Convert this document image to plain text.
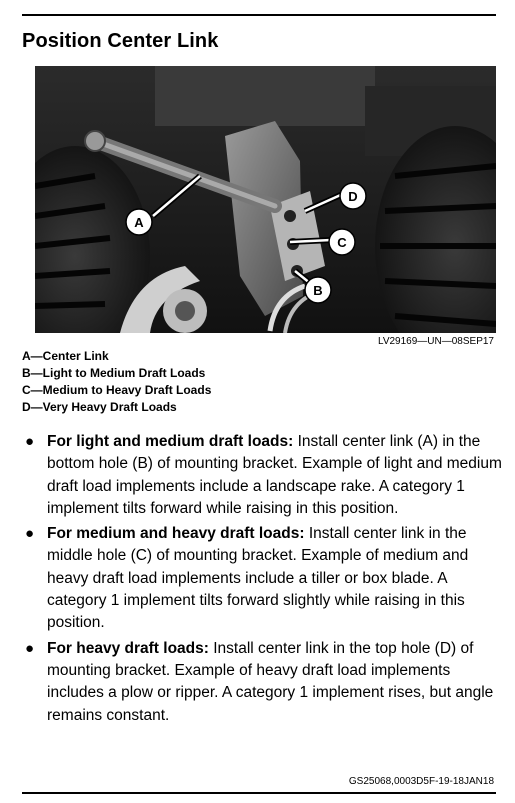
Position Center Link
A
D
C
B
LV29169—UN—08SEP17
A—Center Link
B—Light to Medium Draft Loads
C—Medium to Heavy Draft Loads
D—Very Heavy Draft Loads
● For light and medium draft loads: Install center link (A) in the bottom hole (B) of mounting bracket. Example of light and medium draft load implements include a landscape rake. A category 1 implement tilts forward while raising in this position.
● For medium and heavy draft loads: Install center link in the middle hole (C) of mounting bracket. Example of medium and heavy draft load implements include a tiller or box blade. A category 1 implement tilts forward slightly while raising in this position.
● For heavy draft loads: Install center link in the top hole (D) of mounting bracket. Example of heavy draft load implements includes a plow or ripper. A category 1 implement rises, but angle remains constant.
GS25068,0003D5F-19-18JAN18
